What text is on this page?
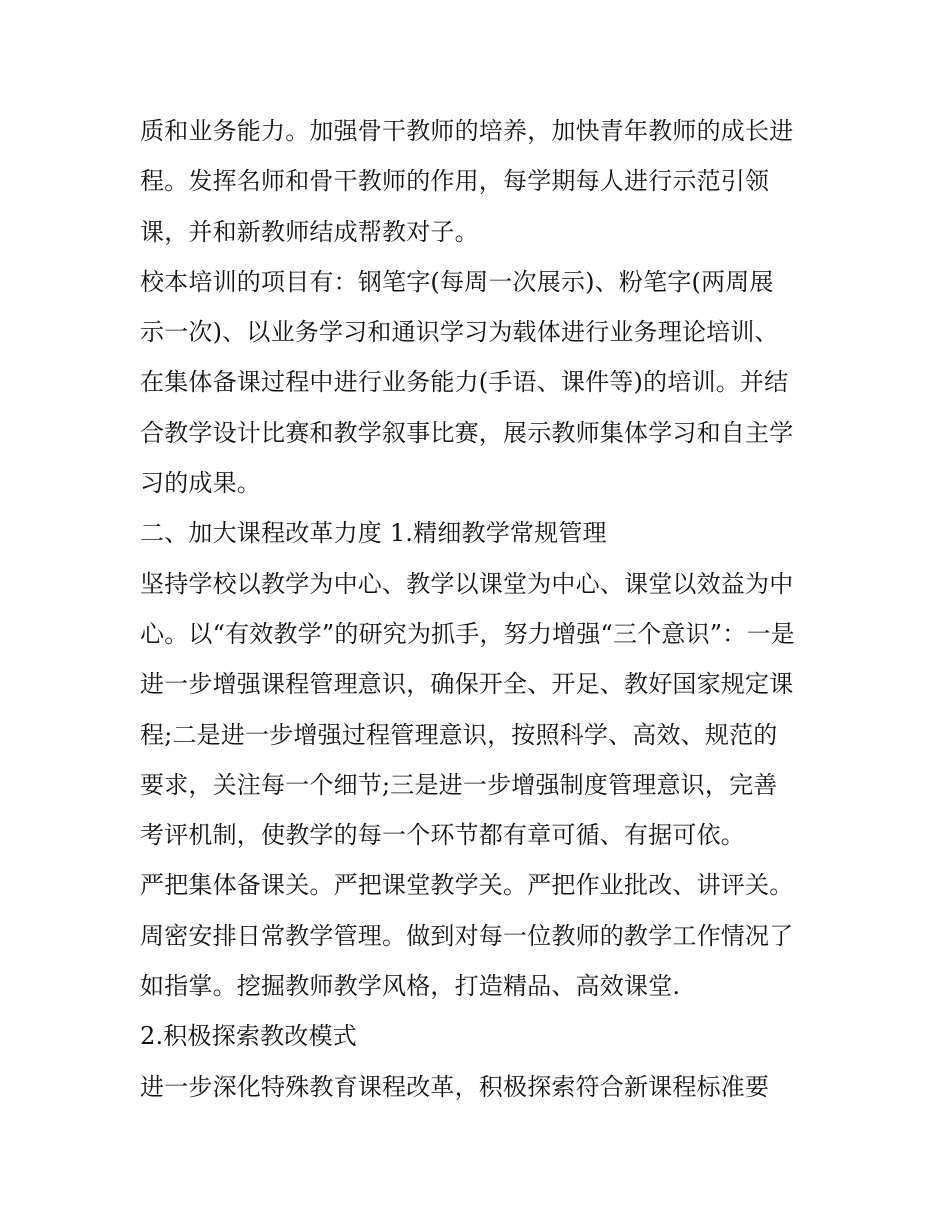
质和业务能力。加强骨干教师的培养，加快青年教师的成长进
程。发挥名师和骨干教师的作用，每学期每人进行示范引领
课，并和新教师结成帮教对子。
校本培训的项目有：钢笔字(每周一次展示)、粉笔字(两周展
示一次)、以业务学习和通识学习为载体进行业务理论培训、
在集体备课过程中进行业务能力(手语、课件等)的培训。并结
合教学设计比赛和教学叙事比赛，展示教师集体学习和自主学
习的成果。
二、加大课程改革力度 1.精细教学常规管理
坚持学校以教学为中心、教学以课堂为中心、课堂以效益为中
心。以“有效教学”的研究为抓手，努力增强“三个意识”：一是
进一步增强课程管理意识，确保开全、开足、教好国家规定课
程;二是进一步增强过程管理意识，按照科学、高效、规范的
要求，关注每一个细节;三是进一步增强制度管理意识，完善
考评机制，使教学的每一个环节都有章可循、有据可依。
严把集体备课关。严把课堂教学关。严把作业批改、讲评关。
周密安排日常教学管理。做到对每一位教师的教学工作情况了
如指掌。挖掘教师教学风格，打造精品、高效课堂.
2.积极探索教改模式
进一步深化特殊教育课程改革，积极探索符合新课程标准要
